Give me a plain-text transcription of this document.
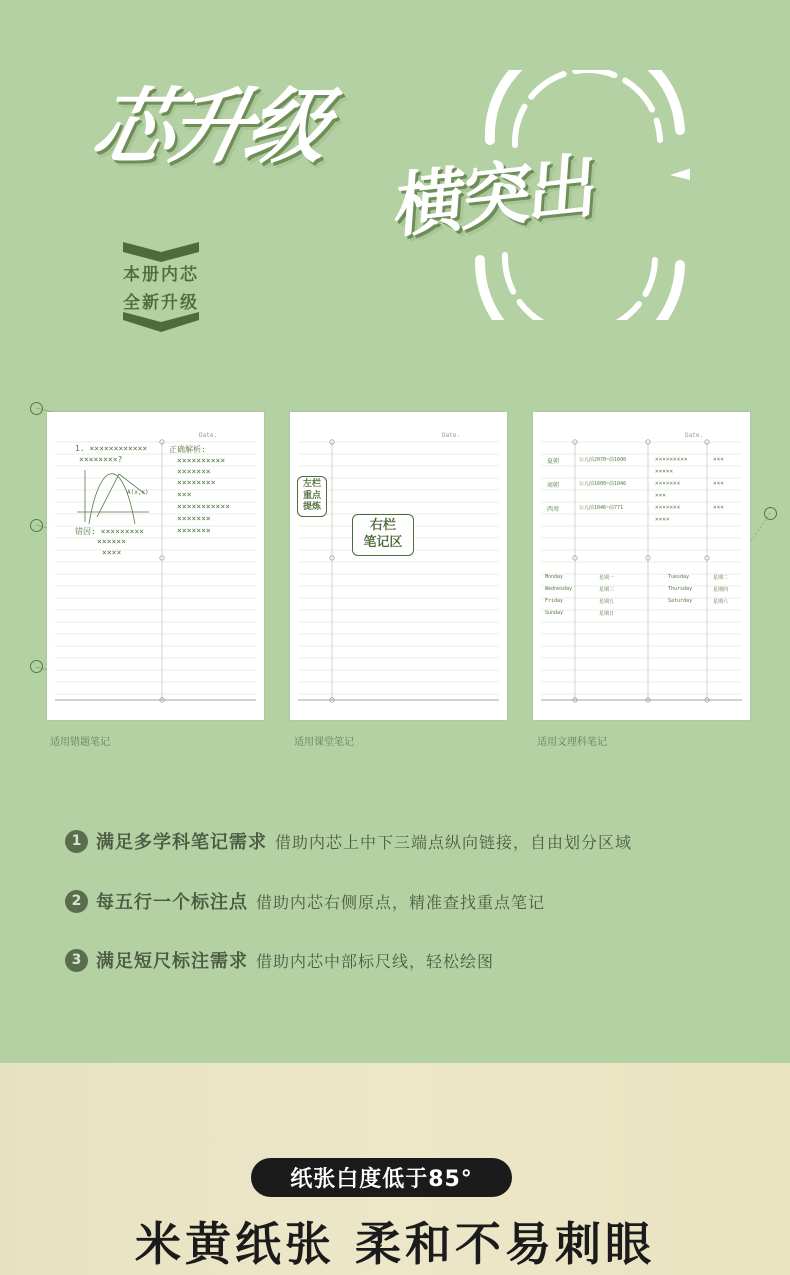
芯升级
横突出
本册内芯
全新升级
Date.
1. ××××××××××××
××××××××?
A(x,x)
错因: ×××××××××
××××××
××××
正确解析:
××××××××××
×××××××
××××××××
×××
×××××××××××
×××××××
×××××××
适用错题笔记
Date.
左栏
重点
提炼
右栏
笔记区
适用课堂笔记
Date.
夏朝	公元前2070~前1600	×××××××××	×××
×××××
商朝	公元前1600~前1046	×××××××	×××
×××
西周	公元前1046~前771	×××××××	×××
××××
Monday	星期一	Tuesday	星期二
Wednesday	星期三	Thursday	星期四
Friday	星期五	Saturday	星期六
Sunday	星期日
适用文理科笔记
1 满足多学科笔记需求 借助内芯上中下三端点纵向链接，自由划分区域
2 每五行一个标注点 借助内芯右侧原点，精准查找重点笔记
3 满足短尺标注需求 借助内芯中部标尺线，轻松绘图
纸张白度低于85°
米黄纸张 柔和不易刺眼
